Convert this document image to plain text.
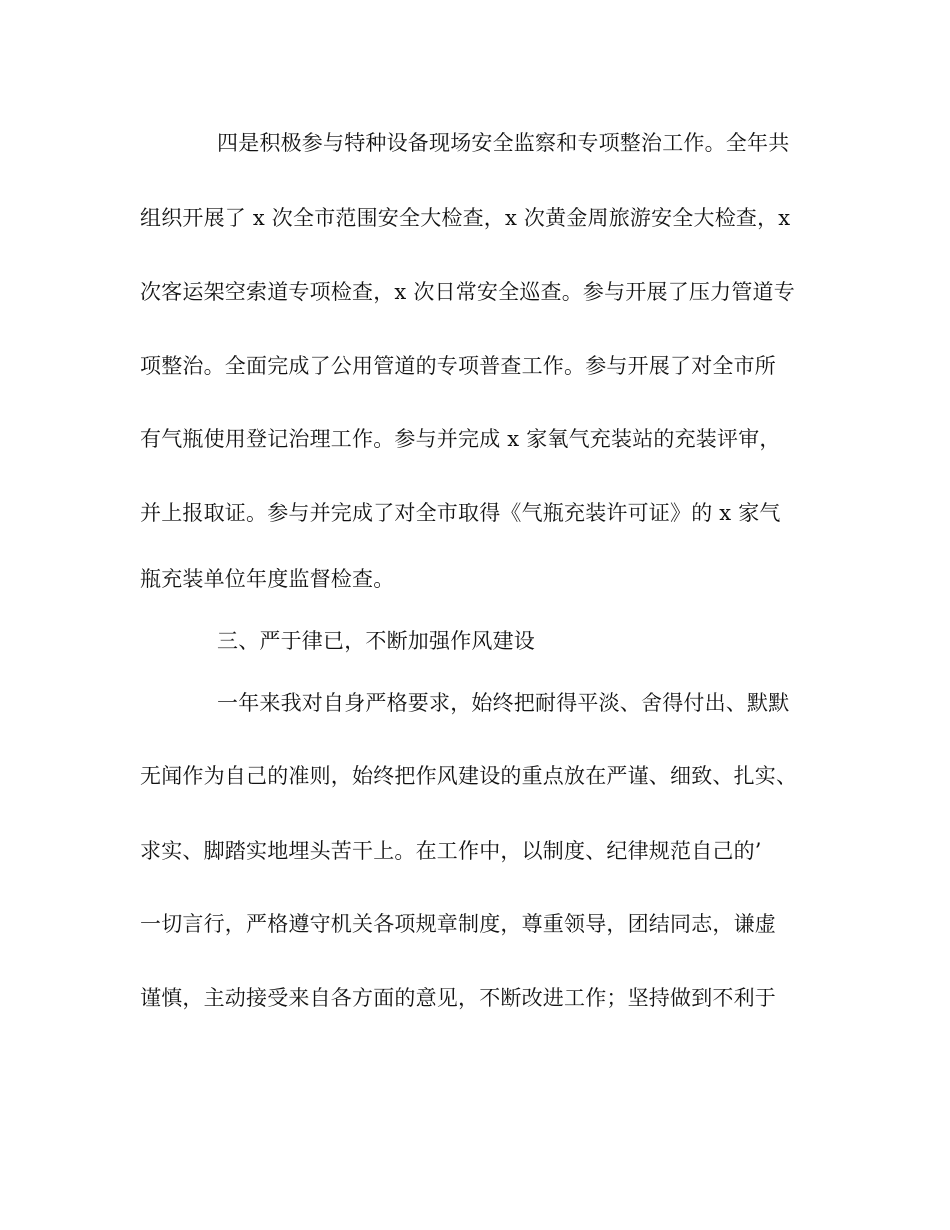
四是积极参与特种设备现场安全监察和专项整治工作。全年共
组织开展了 x 次全市范围安全大检查，x 次黄金周旅游安全大检查，x
次客运架空索道专项检查，x 次日常安全巡查。参与开展了压力管道专
项整治。全面完成了公用管道的专项普查工作。参与开展了对全市所
有气瓶使用登记治理工作。参与并完成 x 家氧气充装站的充装评审，
并上报取证。参与并完成了对全市取得《气瓶充装许可证》的 x 家气
瓶充装单位年度监督检查。
三、严于律已，不断加强作风建设
一年来我对自身严格要求，始终把耐得平淡、舍得付出、默默
无闻作为自己的准则，始终把作风建设的重点放在严谨、细致、扎实、
求实、脚踏实地埋头苦干上。在工作中，以制度、纪律规范自己的’
一切言行，严格遵守机关各项规章制度，尊重领导，团结同志，谦虚
谨慎，主动接受来自各方面的意见，不断改进工作；坚持做到不利于
